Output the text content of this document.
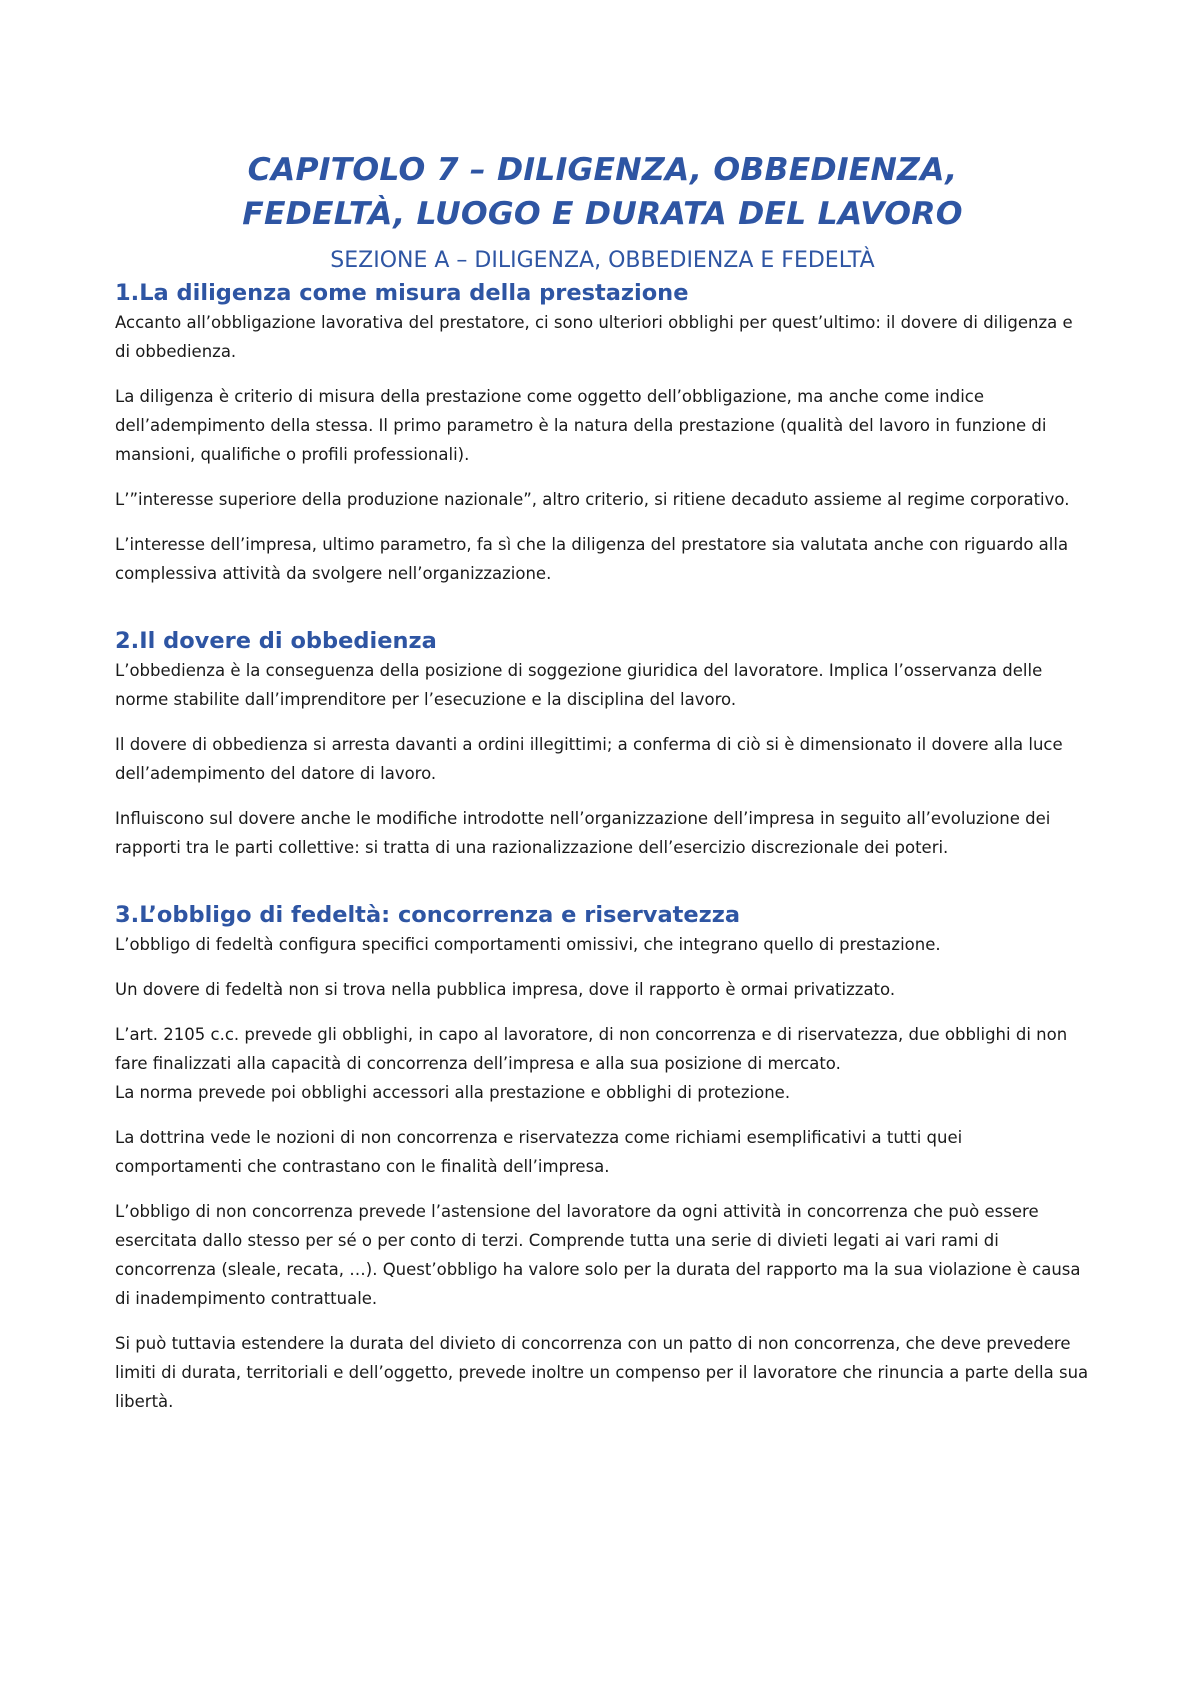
CAPITOLO 7 – DILIGENZA, OBBEDIENZA,
FEDELTÀ, LUOGO E DURATA DEL LAVORO
SEZIONE A – DILIGENZA, OBBEDIENZA E FEDELTÀ
1.La diligenza come misura della prestazione

Accanto all’obbligazione lavorativa del prestatore, ci sono ulteriori obblighi per quest’ultimo: il dovere di diligenza e di obbedienza.

La diligenza è criterio di misura della prestazione come oggetto dell’obbligazione, ma anche come indice dell’adempimento della stessa. Il primo parametro è la natura della prestazione (qualità del lavoro in funzione di mansioni, qualifiche o profili professionali).

L’”interesse superiore della produzione nazionale”, altro criterio, si ritiene decaduto assieme al regime corporativo.

L’interesse dell’impresa, ultimo parametro, fa sì che la diligenza del prestatore sia valutata anche con riguardo alla complessiva attività da svolgere nell’organizzazione.

2.Il dovere di obbedienza

L’obbedienza è la conseguenza della posizione di soggezione giuridica del lavoratore. Implica l’osservanza delle norme stabilite dall’imprenditore per l’esecuzione e la disciplina del lavoro.

Il dovere di obbedienza si arresta davanti a ordini illegittimi; a conferma di ciò si è dimensionato il dovere alla luce dell’adempimento del datore di lavoro.

Influiscono sul dovere anche le modifiche introdotte nell’organizzazione dell’impresa in seguito all’evoluzione dei rapporti tra le parti collettive: si tratta di una razionalizzazione dell’esercizio discrezionale dei poteri.

3.L’obbligo di fedeltà: concorrenza e riservatezza

L’obbligo di fedeltà configura specifici comportamenti omissivi, che integrano quello di prestazione.

Un dovere di fedeltà non si trova nella pubblica impresa, dove il rapporto è ormai privatizzato.

L’art. 2105 c.c. prevede gli obblighi, in capo al lavoratore, di non concorrenza e di riservatezza, due obblighi di non fare finalizzati alla capacità di concorrenza dell’impresa e alla sua posizione di mercato.
La norma prevede poi obblighi accessori alla prestazione e obblighi di protezione.

La dottrina vede le nozioni di non concorrenza e riservatezza come richiami esemplificativi a tutti quei comportamenti che contrastano con le finalità dell’impresa.

L’obbligo di non concorrenza prevede l’astensione del lavoratore da ogni attività in concorrenza che può essere esercitata dallo stesso per sé o per conto di terzi. Comprende tutta una serie di divieti legati ai vari rami di concorrenza (sleale, recata, …). Quest’obbligo ha valore solo per la durata del rapporto ma la sua violazione è causa di inadempimento contrattuale.

Si può tuttavia estendere la durata del divieto di concorrenza con un patto di non concorrenza, che deve prevedere limiti di durata, territoriali e dell’oggetto, prevede inoltre un compenso per il lavoratore che rinuncia a parte della sua libertà.
